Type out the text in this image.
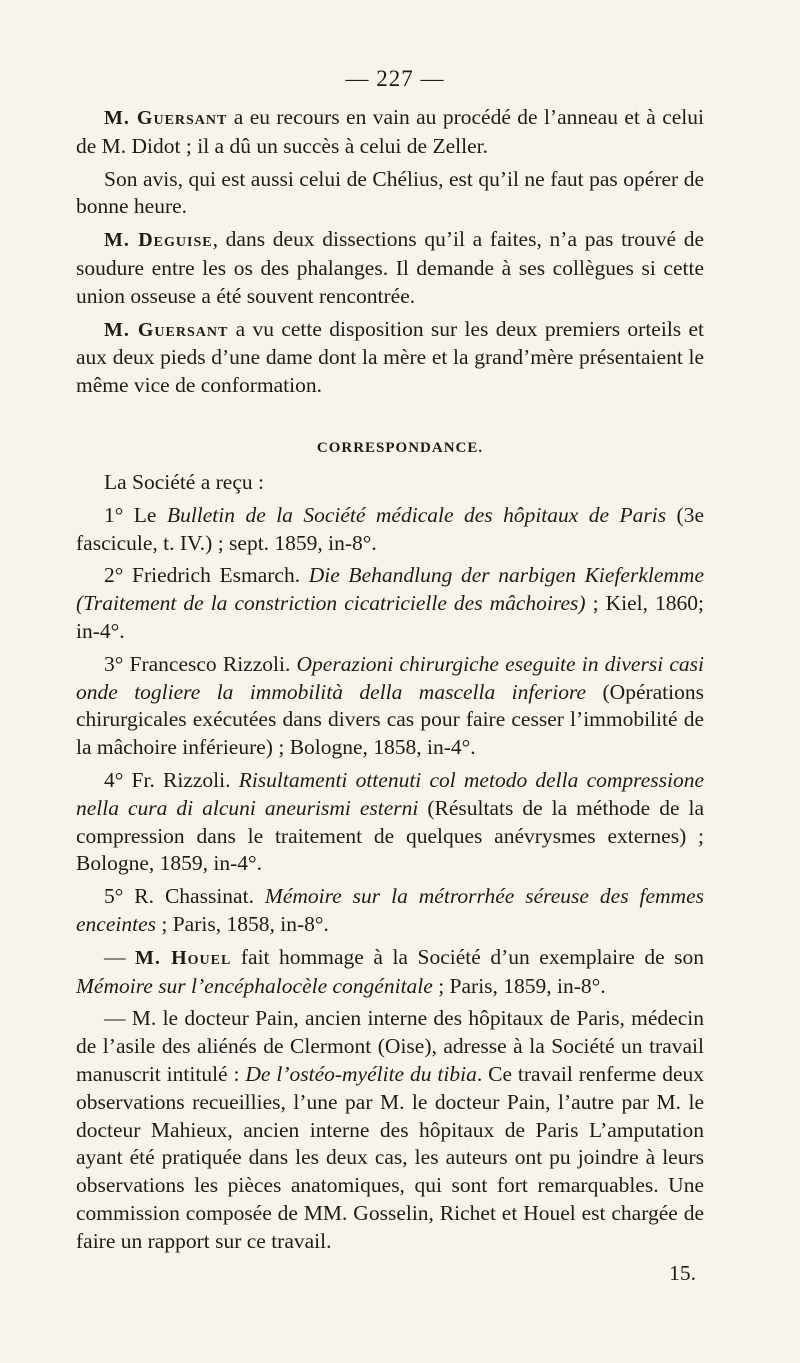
— 227 —

M. Guersant a eu recours en vain au procédé de l’anneau et à celui de M. Didot ; il a dû un succès à celui de Zeller.

Son avis, qui est aussi celui de Chélius, est qu’il ne faut pas opérer de bonne heure.

M. Deguise, dans deux dissections qu’il a faites, n’a pas trouvé de soudure entre les os des phalanges. Il demande à ses collègues si cette union osseuse a été souvent rencontrée.

M. Guersant a vu cette disposition sur les deux premiers orteils et aux deux pieds d’une dame dont la mère et la grand’mère présentaient le même vice de conformation.

CORRESPONDANCE.

La Société a reçu :

1° Le Bulletin de la Société médicale des hôpitaux de Paris (3e fascicule, t. IV.) ; sept. 1859, in-8°.

2° Friedrich Esmarch. Die Behandlung der narbigen Kieferklemme (Traitement de la constriction cicatricielle des mâchoires) ; Kiel, 1860; in-4°.

3° Francesco Rizzoli. Operazioni chirurgiche eseguite in diversi casi onde togliere la immobilità della mascella inferiore (Opérations chirurgicales exécutées dans divers cas pour faire cesser l’immobilité de la mâchoire inférieure) ; Bologne, 1858, in-4°.

4° Fr. Rizzoli. Risultamenti ottenuti col metodo della compressione nella cura di alcuni aneurismi esterni (Résultats de la méthode de la compression dans le traitement de quelques anévrysmes externes) ; Bologne, 1859, in-4°.

5° R. Chassinat. Mémoire sur la métrorrhée séreuse des femmes enceintes ; Paris, 1858, in-8°.

— M. Houel fait hommage à la Société d’un exemplaire de son Mémoire sur l’encéphalocèle congénitale ; Paris, 1859, in-8°.

— M. le docteur Pain, ancien interne des hôpitaux de Paris, médecin de l’asile des aliénés de Clermont (Oise), adresse à la Société un travail manuscrit intitulé : De l’ostéo-myélite du tibia. Ce travail renferme deux observations recueillies, l’une par M. le docteur Pain, l’autre par M. le docteur Mahieux, ancien interne des hôpitaux de Paris L’amputation ayant été pratiquée dans les deux cas, les auteurs ont pu joindre à leurs observations les pièces anatomiques, qui sont fort remarquables. Une commission composée de MM. Gosselin, Richet et Houel est chargée de faire un rapport sur ce travail.

15.
